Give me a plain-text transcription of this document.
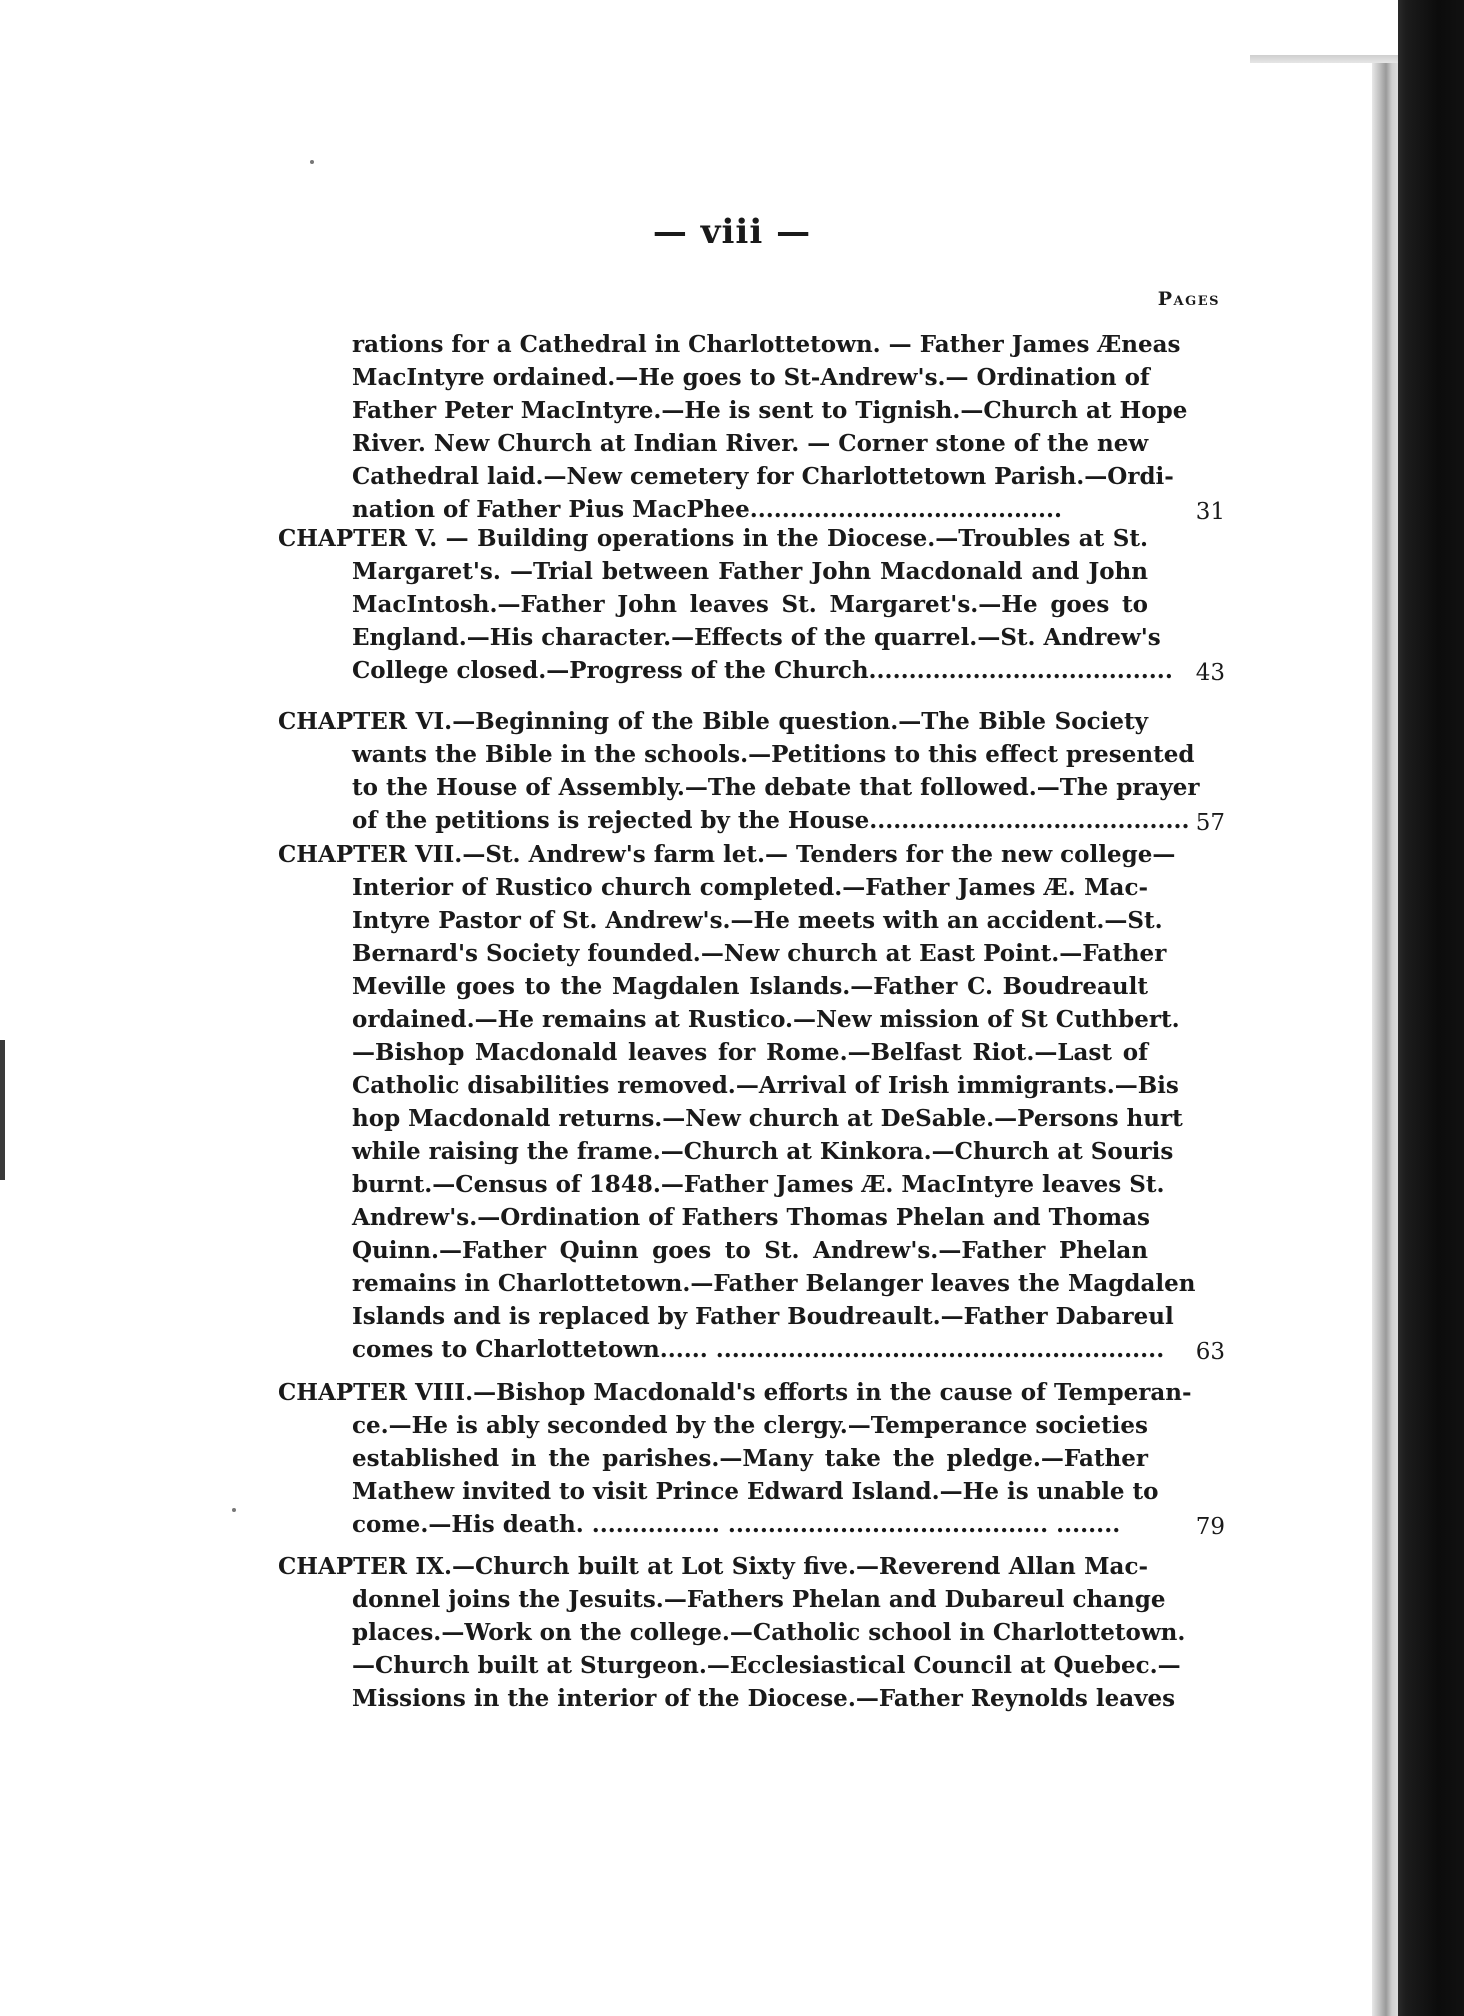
— viii —
Pages
rations for a Cathedral in Charlottetown. — Father James Æneas
MacIntyre ordained.—He goes to St-Andrew's.— Ordination of
Father Peter MacIntyre.—He is sent to Tignish.—Church at Hope
River. New Church at Indian River. — Corner stone of the new
Cathedral laid.—New cemetery for Charlottetown Parish.—Ordi-
nation of Father Pius MacPhee.......................................	31
CHAPTER V. — Building operations in the Diocese.—Troubles at St.
Margaret's. —Trial between Father John Macdonald and John
MacIntosh.—Father John leaves St. Margaret's.—He goes to
England.—His character.—Effects of the quarrel.—St. Andrew's
College closed.—Progress of the Church...................................... 43
CHAPTER VI.—Beginning of the Bible question.—The Bible Society
wants the Bible in the schools.—Petitions to this effect presented
to the House of Assembly.—The debate that followed.—The prayer
of the petitions is rejected by the House........................................ 57
CHAPTER VII.—St. Andrew's farm let.— Tenders for the new college—
Interior of Rustico church completed.—Father James Æ. Mac-
Intyre Pastor of St. Andrew's.—He meets with an accident.—St.
Bernard's Society founded.—New church at East Point.—Father
Meville goes to the Magdalen Islands.—Father C. Boudreault
ordained.—He remains at Rustico.—New mission of St Cuthbert.
—Bishop Macdonald leaves for Rome.—Belfast Riot.—Last of
Catholic disabilities removed.—Arrival of Irish immigrants.—Bis
hop Macdonald returns.—New church at DeSable.—Persons hurt
while raising the frame.—Church at Kinkora.—Church at Souris
burnt.—Census of 1848.—Father James Æ. MacIntyre leaves St.
Andrew's.—Ordination of Fathers Thomas Phelan and Thomas
Quinn.—Father Quinn goes to St. Andrew's.—Father Phelan
remains in Charlottetown.—Father Belanger leaves the Magdalen
Islands and is replaced by Father Boudreault.—Father Dabareul
comes to Charlottetown...... ........................................................	63
CHAPTER VIII.—Bishop Macdonald's efforts in the cause of Temperan-
ce.—He is ably seconded by the clergy.—Temperance societies
established in the parishes.—Many take the pledge.—Father
Mathew invited to visit Prince Edward Island.—He is unable to
come.—His death. ................ ........................................ ........	79
CHAPTER IX.—Church built at Lot Sixty five.—Reverend Allan Mac-
donnel joins the Jesuits.—Fathers Phelan and Dubareul change
places.—Work on the college.—Catholic school in Charlottetown.
—Church built at Sturgeon.—Ecclesiastical Council at Quebec.—
Missions in the interior of the Diocese.—Father Reynolds leaves
